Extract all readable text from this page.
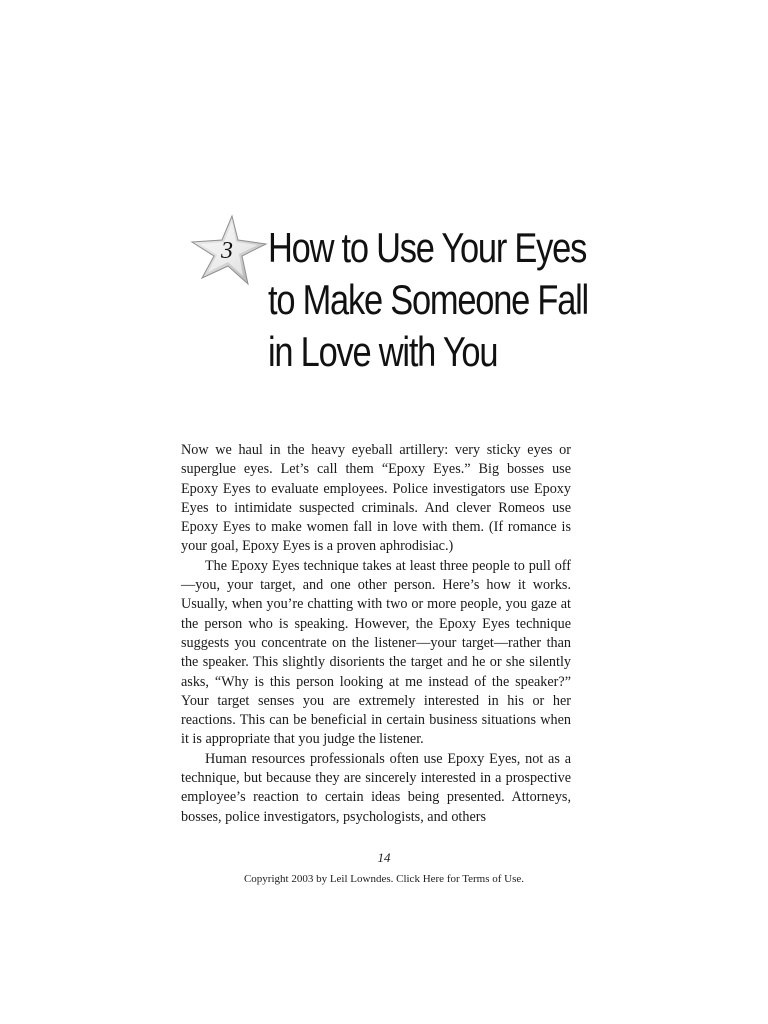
3 How to Use Your Eyes
to Make Someone Fall
in Love with You

Now we haul in the heavy eyeball artillery: very sticky eyes or superglue eyes. Let’s call them “Epoxy Eyes.” Big bosses use Epoxy Eyes to evaluate employees. Police investigators use Epoxy Eyes to intimidate suspected criminals. And clever Romeos use Epoxy Eyes to make women fall in love with them. (If romance is your goal, Epoxy Eyes is a proven aphrodisiac.)

The Epoxy Eyes technique takes at least three people to pull off—you, your target, and one other person. Here’s how it works. Usually, when you’re chatting with two or more people, you gaze at the person who is speaking. However, the Epoxy Eyes technique suggests you concentrate on the listener—your target—rather than the speaker. This slightly disorients the target and he or she silently asks, “Why is this person looking at me instead of the speaker?” Your target senses you are extremely interested in his or her reactions. This can be beneficial in certain business situations when it is appropriate that you judge the listener.

Human resources professionals often use Epoxy Eyes, not as a technique, but because they are sincerely interested in a prospective employee’s reaction to certain ideas being presented. Attorneys, bosses, police investigators, psychologists, and others

14
Copyright 2003 by Leil Lowndes. Click Here for Terms of Use.
